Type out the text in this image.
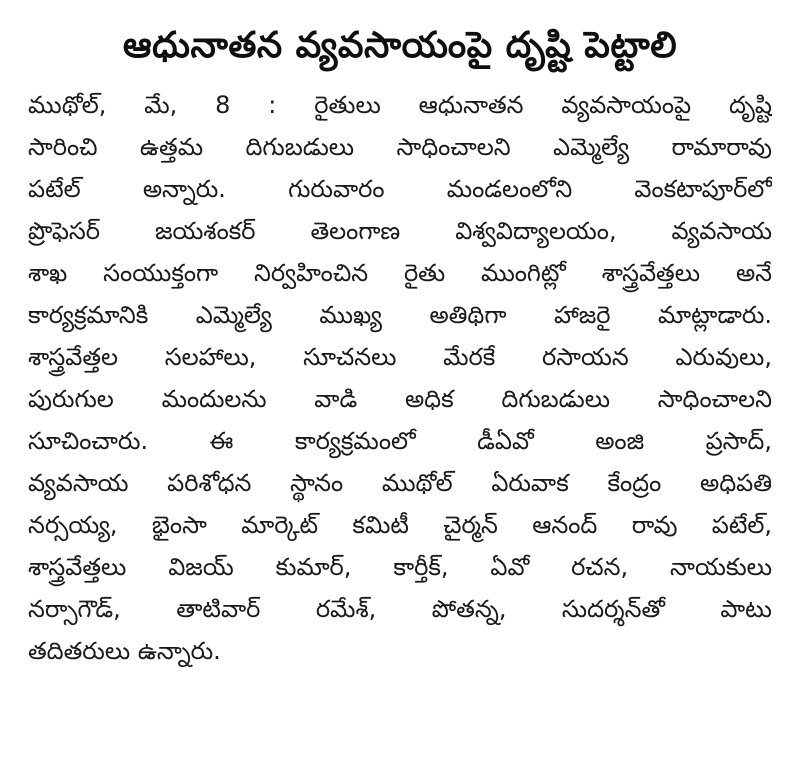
ఆధునాతన వ్యవసాయంపై దృష్టి పెట్టాలి
ముథోల్, మే, 8 : రైతులు ఆధునాతన వ్యవసాయంపై దృష్టి
సారించి ఉత్తమ దిగుబడులు సాధించాలని ఎమ్మెల్యే రామారావు
పటేల్ అన్నారు. గురువారం మండలంలోని వెంకటాపూర్‌లో
ప్రొఫెసర్ జయశంకర్ తెలంగాణ విశ్వవిద్యాలయం, వ్యవసాయ
శాఖ సంయుక్తంగా నిర్వహించిన రైతు ముంగిట్లో శాస్త్రవేత్తలు అనే
కార్యక్రమానికి ఎమ్మెల్యే ముఖ్య అతిథిగా హాజరై మాట్లాడారు.
శాస్త్రవేత్తల సలహాలు, సూచనలు మేరకే రసాయన ఎరువులు,
పురుగుల మందులను వాడి అధిక దిగుబడులు సాధించాలని
సూచించారు. ఈ కార్యక్రమంలో డీఏవో అంజి ప్రసాద్,
వ్యవసాయ పరిశోధన స్థానం ముథోల్ ఏరువాక కేంద్రం అధిపతి
నర్సయ్య, భైంసా మార్కెట్ కమిటీ చైర్మన్ ఆనంద్ రావు పటేల్,
శాస్త్రవేత్తలు విజయ్ కుమార్, కార్తీక్, ఏవో రచన, నాయకులు
నర్సాగౌడ్, తాటివార్ రమేశ్, పోతన్న, సుదర్శన్‌తో పాటు
తదితరులు ఉన్నారు.
